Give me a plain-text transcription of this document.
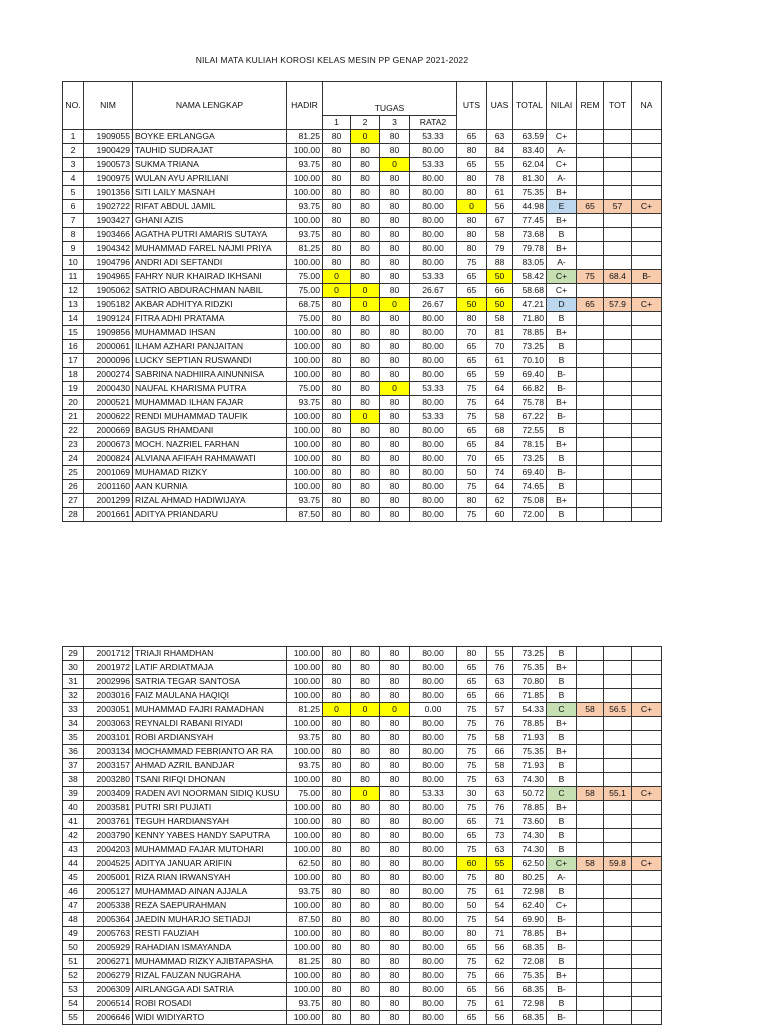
NILAI MATA KULIAH KOROSI KELAS MESIN PP GENAP 2021-2022
NO.	NIM	NAMA LENGKAP	HADIR	TUGAS				UTS	UAS	TOTAL	NILAI	REM	TOT	NA
				1	2	3	RATA2							
1	1909055	BOYKE ERLANGGA	81.25	80	0	80	53.33	65	63	63.59	C+			
2	1900429	TAUHID SUDRAJAT	100.00	80	80	80	80.00	80	84	83.40	A-			
3	1900573	SUKMA TRIANA	93.75	80	80	0	53.33	65	55	62.04	C+			
4	1900975	WULAN AYU APRILIANI	100.00	80	80	80	80.00	80	78	81.30	A-			
5	1901356	SITI LAILY MASNAH	100.00	80	80	80	80.00	80	61	75.35	B+			
6	1902722	RIFAT ABDUL JAMIL	93.75	80	80	80	80.00	0	56	44.98	E	65	57	C+
7	1903427	GHANI AZIS	100.00	80	80	80	80.00	80	67	77.45	B+			
8	1903466	AGATHA PUTRI AMARIS SUTAYA	93.75	80	80	80	80.00	80	58	73.68	B			
9	1904342	MUHAMMAD FAREL NAJMI PRIYA	81.25	80	80	80	80.00	80	79	79.78	B+			
10	1904796	ANDRI ADI SEFTANDI	100.00	80	80	80	80.00	75	88	83.05	A-			
11	1904965	FAHRY NUR KHAIRAD IKHSANI	75.00	0	80	80	53.33	65	50	58.42	C+	75	68.4	B-
12	1905062	SATRIO ABDURACHMAN NABIL	75.00	0	0	80	26.67	65	66	58.68	C+			
13	1905182	AKBAR ADHITYA RIDZKI	68.75	80	0	0	26.67	50	50	47.21	D	65	57.9	C+
14	1909124	FITRA ADHI PRATAMA	75.00	80	80	80	80.00	80	58	71.80	B			
15	1909856	MUHAMMAD IHSAN	100.00	80	80	80	80.00	70	81	78.85	B+			
16	2000061	ILHAM AZHARI PANJAITAN	100.00	80	80	80	80.00	65	70	73.25	B			
17	2000096	LUCKY SEPTIAN RUSWANDI	100.00	80	80	80	80.00	65	61	70.10	B			
18	2000274	SABRINA NADHIIRA AINUNNISA	100.00	80	80	80	80.00	65	59	69.40	B-			
19	2000430	NAUFAL KHARISMA PUTRA	75.00	80	80	0	53.33	75	64	66.82	B-			
20	2000521	MUHAMMAD ILHAN FAJAR	93.75	80	80	80	80.00	75	64	75.78	B+			
21	2000622	RENDI MUHAMMAD TAUFIK	100.00	80	0	80	53.33	75	58	67.22	B-			
22	2000669	BAGUS RHAMDANI	100.00	80	80	80	80.00	65	68	72.55	B			
23	2000673	MOCH. NAZRIEL FARHAN	100.00	80	80	80	80.00	65	84	78.15	B+			
24	2000824	ALVIANA AFIFAH RAHMAWATI	100.00	80	80	80	80.00	70	65	73.25	B			
25	2001069	MUHAMAD RIZKY	100.00	80	80	80	80.00	50	74	69.40	B-			
26	2001160	AAN KURNIA	100.00	80	80	80	80.00	75	64	74.65	B			
27	2001299	RIZAL AHMAD HADIWIJAYA	93.75	80	80	80	80.00	80	62	75.08	B+			
28	2001661	ADITYA PRIANDARU	87.50	80	80	80	80.00	75	60	72.00	B			
29	2001712	TRIAJI RHAMDHAN	100.00	80	80	80	80.00	80	55	73.25	B			
30	2001972	LATIF ARDIATMAJA	100.00	80	80	80	80.00	65	76	75.35	B+			
31	2002996	SATRIA TEGAR SANTOSA	100.00	80	80	80	80.00	65	63	70.80	B			
32	2003016	FAIZ MAULANA HAQIQI	100.00	80	80	80	80.00	65	66	71.85	B			
33	2003051	MUHAMMAD FAJRI RAMADHAN	81.25	0	0	0	0.00	75	57	54.33	C	58	56.5	C+
34	2003063	REYNALDI RABANI RIYADI	100.00	80	80	80	80.00	75	76	78.85	B+			
35	2003101	ROBI ARDIANSYAH	93.75	80	80	80	80.00	75	58	71.93	B			
36	2003134	MOCHAMMAD FEBRIANTO AR RA	100.00	80	80	80	80.00	75	66	75.35	B+			
37	2003157	AHMAD AZRIL BANDJAR	93.75	80	80	80	80.00	75	58	71.93	B			
38	2003280	TSANI RIFQI DHONAN	100.00	80	80	80	80.00	75	63	74.30	B			
39	2003409	RADEN AVI NOORMAN SIDIQ KUSU	75.00	80	0	80	53.33	30	63	50.72	C	58	55.1	C+
40	2003581	PUTRI SRI PUJIATI	100.00	80	80	80	80.00	75	76	78.85	B+			
41	2003761	TEGUH HARDIANSYAH	100.00	80	80	80	80.00	65	71	73.60	B			
42	2003790	KENNY YABES HANDY SAPUTRA	100.00	80	80	80	80.00	65	73	74.30	B			
43	2004203	MUHAMMAD FAJAR MUTOHARI	100.00	80	80	80	80.00	75	63	74.30	B			
44	2004525	ADITYA JANUAR ARIFIN	62.50	80	80	80	80.00	60	55	62.50	C+	58	59.8	C+
45	2005001	RIZA RIAN IRWANSYAH	100.00	80	80	80	80.00	75	80	80.25	A-			
46	2005127	MUHAMMAD AINAN AJJALA	93.75	80	80	80	80.00	75	61	72.98	B			
47	2005338	REZA SAEPURAHMAN	100.00	80	80	80	80.00	50	54	62.40	C+			
48	2005364	JAEDIN MUHARJO SETIADJI	87.50	80	80	80	80.00	75	54	69.90	B-			
49	2005763	RESTI FAUZIAH	100.00	80	80	80	80.00	80	71	78.85	B+			
50	2005929	RAHADIAN ISMAYANDA	100.00	80	80	80	80.00	65	56	68.35	B-			
51	2006271	MUHAMMAD RIZKY AJIBTAPASHA	81.25	80	80	80	80.00	75	62	72.08	B			
52	2006279	RIZAL FAUZAN NUGRAHA	100.00	80	80	80	80.00	75	66	75.35	B+			
53	2006309	AIRLANGGA ADI SATRIA	100.00	80	80	80	80.00	65	56	68.35	B-			
54	2006514	ROBI ROSADI	93.75	80	80	80	80.00	75	61	72.98	B			
55	2006646	WIDI WIDIYARTO	100.00	80	80	80	80.00	65	56	68.35	B-			
